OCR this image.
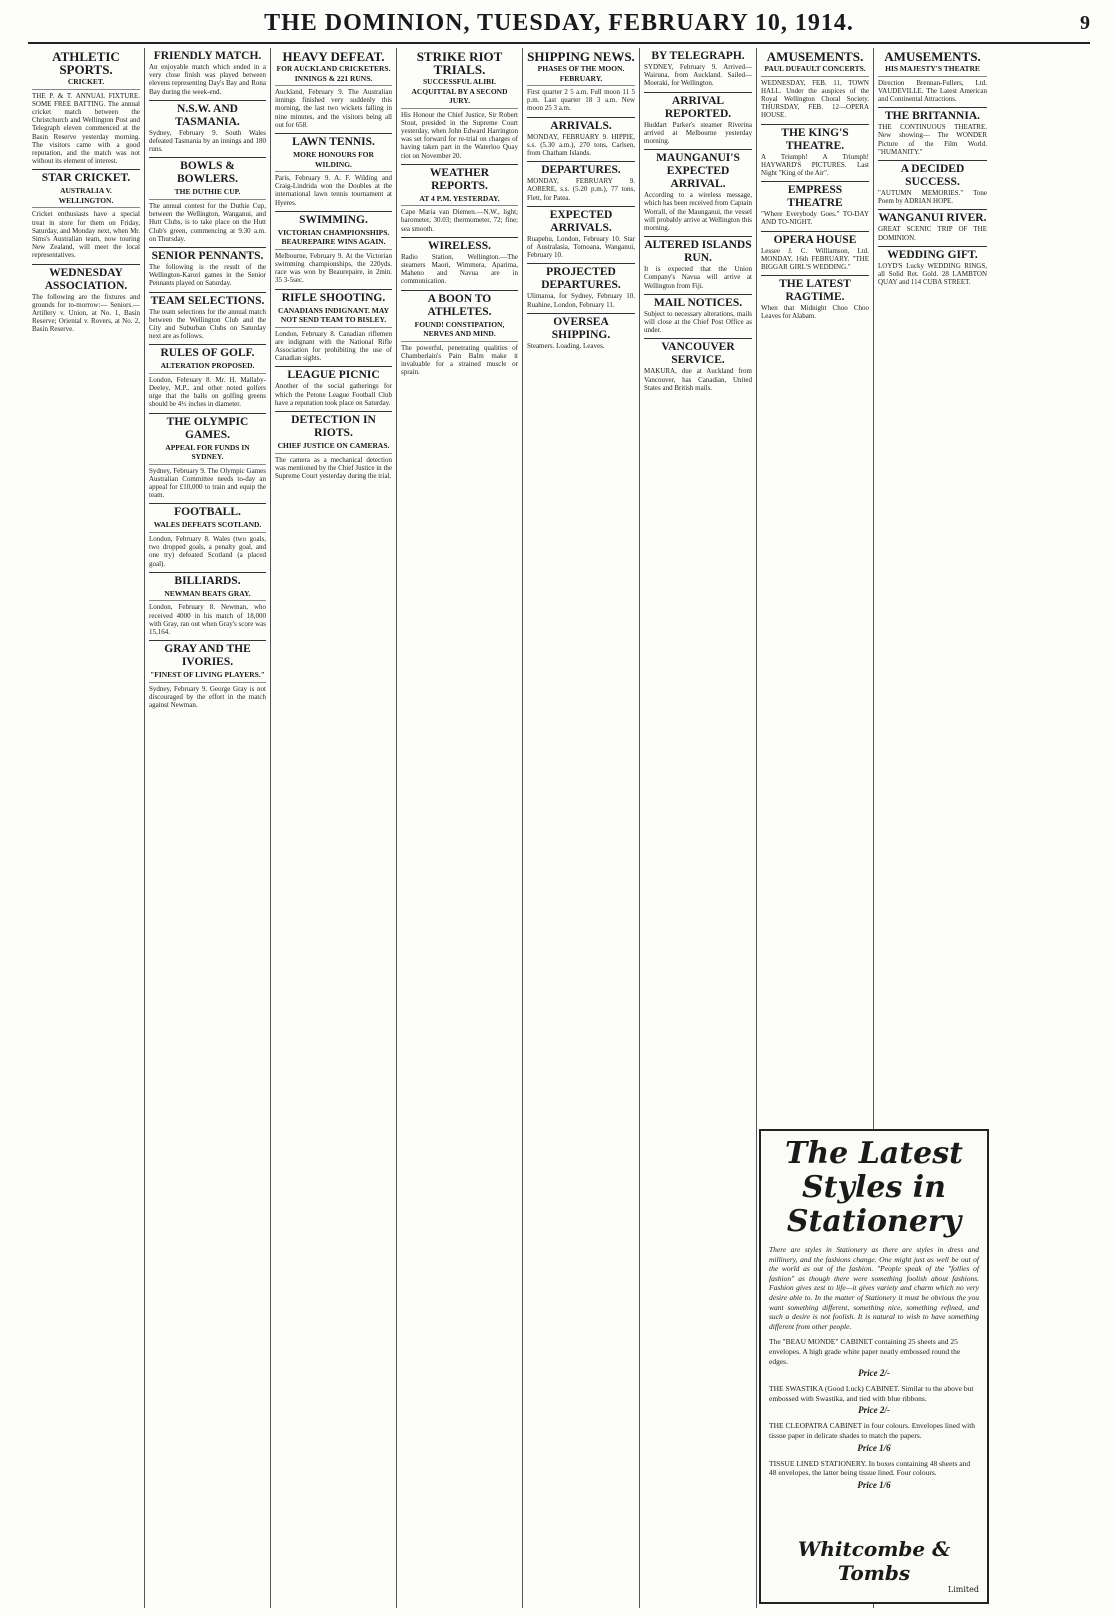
THE DOMINION, TUESDAY, FEBRUARY 10, 1914.	9
ATHLETIC SPORTS.
CRICKET.

THE P. & T. ANNUAL FIXTURE. SOME FREE BATTING. The annual cricket match between the Christchurch and Wellington Post and Telegraph eleven commenced at the Basin Reserve yesterday morning. The visitors came with a good reputation, and the match was not without its element of interest.

STAR CRICKET.
AUSTRALIA V. WELLINGTON.

Cricket enthusiasts have a special treat in store for them on Friday, Saturday, and Monday next, when Mr. Sims's Australian team, now touring New Zealand, will meet the local representatives.

WEDNESDAY ASSOCIATION.

The following are the fixtures and grounds for to-morrow:— Seniors.—Artillery v. Union, at No. 1, Basin Reserve; Oriental v. Rovers, at No. 2, Basin Reserve.

FRIENDLY MATCH.

An enjoyable match which ended in a very close finish was played between elevens representing Day's Bay and Rona Bay during the week-end.

N.S.W. AND TASMANIA.

Sydney, February 9. South Wales defeated Tasmania by an innings and 180 runs.

BOWLS & BOWLERS.
THE DUTHIE CUP.

The annual contest for the Duthie Cup, between the Wellington, Wanganui, and Hutt Clubs, is to take place on the Hutt Club's green, commencing at 9.30 a.m. on Thursday.

SENIOR PENNANTS.

The following is the result of the Wellington-Karori games in the Senior Pennants played on Saturday.

TEAM SELECTIONS.

The team selections for the annual match between the Wellington Club and the City and Suburban Clubs on Saturday next are as follows.

RULES OF GOLF.
ALTERATION PROPOSED.

London, February 8. Mr. H. Mallaby-Deeley, M.P., and other noted golfers urge that the balls on golfing greens should be 4½ inches in diameter.

THE OLYMPIC GAMES.
APPEAL FOR FUNDS IN SYDNEY.

Sydney, February 9. The Olympic Games Australian Committee needs to-day an appeal for £10,000 to train and equip the team.

FOOTBALL.
WALES DEFEATS SCOTLAND.

London, February 8. Wales (two goals, two dropped goals, a penalty goal, and one try) defeated Scotland (a placed goal).

BILLIARDS.
NEWMAN BEATS GRAY.

London, February 8. Newman, who received 4000 in his match of 18,000 with Gray, ran out when Gray's score was 15,164.

GRAY AND THE IVORIES.
"FINEST OF LIVING PLAYERS."

Sydney, February 9. George Gray is not discouraged by the effort in the match against Newman.

HEAVY DEFEAT.
FOR AUCKLAND CRICKETERS. INNINGS & 221 RUNS.

Auckland, February 9. The Australian innings finished very suddenly this morning, the last two wickets falling in nine minutes, and the visitors being all out for 658.

LAWN TENNIS.
MORE HONOURS FOR WILDING.

Paris, February 9. A. F. Wilding and Craig-Lindrida won the Doubles at the international lawn tennis tournament at Hyeres.

SWIMMING.
VICTORIAN CHAMPIONSHIPS. BEAUREPAIRE WINS AGAIN.

Melbourne, February 9. At the Victorian swimming championships, the 220yds. race was won by Beaurepaire, in 2min. 35 3-5sec.

RIFLE SHOOTING.
CANADIANS INDIGNANT. MAY NOT SEND TEAM TO BISLEY.

London, February 8. Canadian riflemen are indignant with the National Rifle Association for prohibiting the use of Canadian sights.

LEAGUE PICNIC

Another of the social gatherings for which the Petone League Football Club have a reputation took place on Saturday.

DETECTION IN RIOTS.
CHIEF JUSTICE ON CAMERAS.

The camera as a mechanical detection was mentioned by the Chief Justice in the Supreme Court yesterday during the trial.

STRIKE RIOT TRIALS.
SUCCESSFUL ALIBI. ACQUITTAL BY A SECOND JURY.

His Honour the Chief Justice, Sir Robert Stout, presided in the Supreme Court yesterday, when John Edward Harrington was set forward for re-trial on charges of having taken part in the Waterloo Quay riot on November 20.

WEATHER REPORTS.
AT 4 P.M. YESTERDAY.

Cape Maria van Diemen.—N.W., light; barometer, 30.03; thermometer, 72; fine; sea smooth.

WIRELESS.

Radio Station, Wellington.—The steamers Maori, Wimmera, Aparima, Maheno and Navua are in communication.

A BOON TO ATHLETES.
FOUND! CONSTIPATION, NERVES AND MIND.

The powerful, penetrating qualities of Chamberlain's Pain Balm make it invaluable for a strained muscle or sprain.

SHIPPING NEWS.
PHASES OF THE MOON. FEBRUARY.

First quarter 2 5 a.m. Full moon 11 5 p.m. Last quarter 18 3 a.m. New moon 25 3 a.m.

ARRIVALS.

MONDAY, FEBRUARY 9. HIPPIE, s.s. (5.30 a.m.), 270 tons, Carlsen, from Chatham Islands.

DEPARTURES.

MONDAY, FEBRUARY 9. AORERE, s.s. (5.20 p.m.), 77 tons, Flett, for Patea.

EXPECTED ARRIVALS.

Ruapehu, London, February 10. Star of Australasia, Tomoana, Wanganui, February 10.

PROJECTED DEPARTURES.

Ulimaroa, for Sydney, February 10. Ruahine, London, February 11.

OVERSEA SHIPPING.

Steamers. Loading. Leaves.

BY TELEGRAPH.

SYDNEY, February 9. Arrived—Wairuna, from Auckland. Sailed—Moeraki, for Wellington.

ARRIVAL REPORTED.

Huddart Parker's steamer Riverina arrived at Melbourne yesterday morning.

MAUNGANUI'S EXPECTED ARRIVAL.

According to a wireless message, which has been received from Captain Worrall, of the Maunganui, the vessel will probably arrive at Wellington this morning.

ALTERED ISLANDS RUN.

It is expected that the Union Company's Navua will arrive at Wellington from Fiji.

MAIL NOTICES.

Subject to necessary alterations, mails will close at the Chief Post Office as under.

VANCOUVER SERVICE.

MAKURA, due at Auckland from Vancouver, has Canadian, United States and British mails.

AMUSEMENTS.
PAUL DUFAULT CONCERTS.

WEDNESDAY, FEB. 11, TOWN HALL. Under the auspices of the Royal Wellington Choral Society. THURSDAY, FEB. 12—OPERA HOUSE.

THE KING'S THEATRE.

A Triumph! A Triumph! HAYWARD'S PICTURES. Last Night "King of the Air".

EMPRESS THEATRE

"Where Everybody Goes." TO-DAY AND TO-NIGHT.

OPERA HOUSE

Lessee J. C. Williamson, Ltd. MONDAY, 16th FEBRUARY. "THE BIGGAR GIRL'S WEDDING."

THE LATEST RAGTIME.

When that Midnight Choo Choo Leaves for Alabam.

AMUSEMENTS.
HIS MAJESTY'S THEATRE

Direction Brennan-Fullers, Ltd. VAUDEVILLE. The Latest American and Continental Attractions.

THE BRITANNIA.

THE CONTINUOUS THEATRE. New showing— The WONDER Picture of the Film World. "HUMANITY."

A DECIDED SUCCESS.

"AUTUMN MEMORIES." Tone Poem by ADRIAN HOPE.

WANGANUI RIVER.

GREAT SCENIC TRIP OF THE DOMINION.

WEDDING GIFT.

LOYD'S Lucky WEDDING RINGS, all Solid Ret. Gold. 28 LAMBTON QUAY and 114 CUBA STREET.

The Latest Styles in Stationery
There are styles in Stationery as there are styles in dress and millinery, and the fashions change. One might just as well be out of the world as out of the fashion. "People speak of the "follies of fashion" as though there were something foolish about fashions. Fashion gives zest to life—it gives variety and charm which no very desire able to. In the matter of Stationery it must be obvious the you want something different, something nice, something refined, and such a desire is not foolish. It is natural to wish to have something different from other people.
The "BEAU MONDE" CABINET containing 25 sheets and 25 envelopes. A high grade white paper neatly embossed round the edges.
Price 2/-
THE SWASTIKA (Good Luck) CABINET. Similar to the above but embossed with Swastika, and tied with blue ribbons.
Price 2/-
THE CLEOPATRA CABINET in four colours. Envelopes lined with tissue paper in delicate shades to match the papers.
Price 1/6
TISSUE LINED STATIONERY. In boxes containing 48 sheets and 48 envelopes, the latter being tissue lined. Four colours.
Price 1/6
Whitcombe & Tombs
Limited
